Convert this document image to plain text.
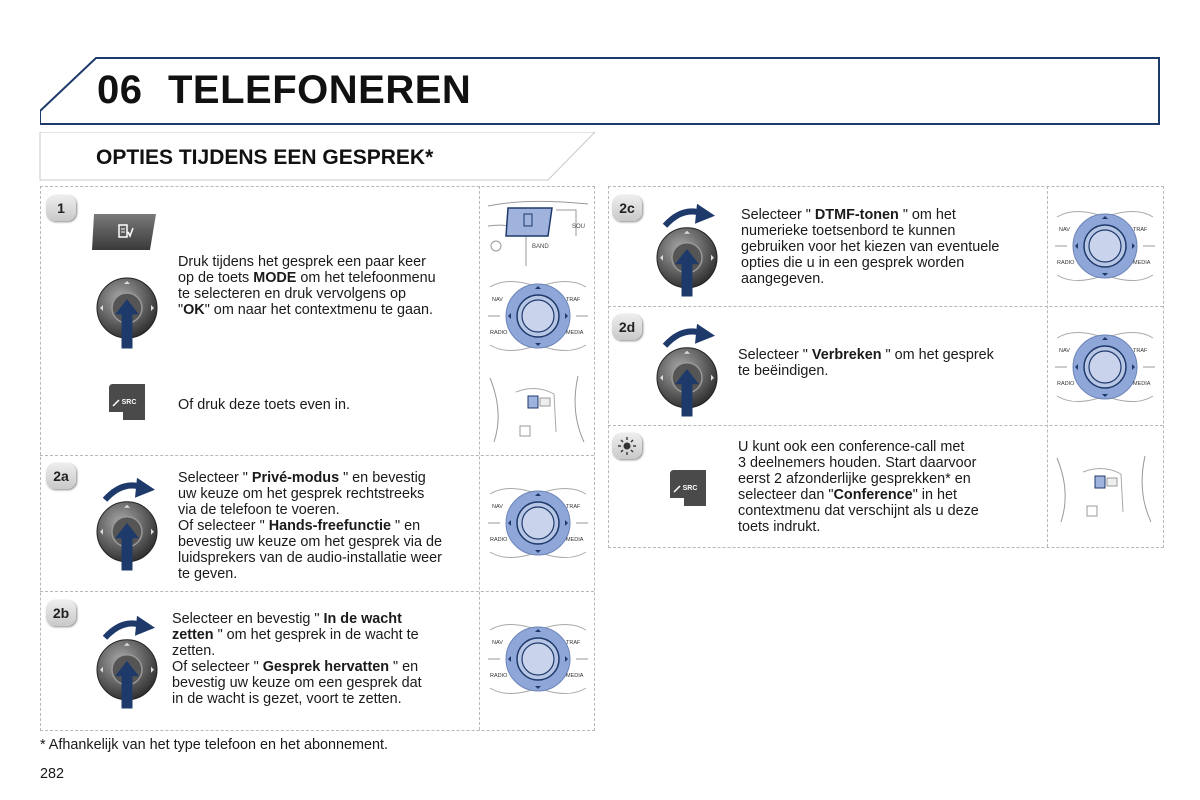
06 TELEFONEREN
OPTIES TIJDENS EEN GESPREK*
1
2a
2b
2c
2d
Druk tijdens het gesprek een paar keer
op de toets MODE om het telefoonmenu
te selecteren en druk vervolgens op
"OK" om naar het contextmenu te gaan.
Of druk deze toets even in.
SRC
SRC
NAV	TRAF
RADIO	MEDIA
NAV	TRAF
RADIO	MEDIA
NAV	TRAF
RADIO	MEDIA
NAV	TRAF
RADIO	MEDIA
NAV	TRAF
RADIO	MEDIA
BAND
SOU
Selecteer " Privé-modus " en bevestig
uw keuze om het gesprek rechtstreeks
via de telefoon te voeren.
Of selecteer " Hands-freefunctie " en
bevestig uw keuze om het gesprek via de
luidsprekers van de audio-installatie weer
te geven.
Selecteer en bevestig " In de wacht
zetten " om het gesprek in de wacht te
zetten.
Of selecteer " Gesprek hervatten " en
bevestig uw keuze om een gesprek dat
in de wacht is gezet, voort te zetten.
Selecteer " DTMF-tonen " om het
numerieke toetsenbord te kunnen
gebruiken voor het kiezen van eventuele
opties die u in een gesprek worden
aangegeven.
Selecteer " Verbreken " om het gesprek
te beëindigen.
U kunt ook een conference-call met
3 deelnemers houden. Start daarvoor
eerst 2 afzonderlijke gesprekken* en
selecteer dan "Conference" in het
contextmenu dat verschijnt als u deze
toets indrukt.
* Afhankelijk van het type telefoon en het abonnement.
282
